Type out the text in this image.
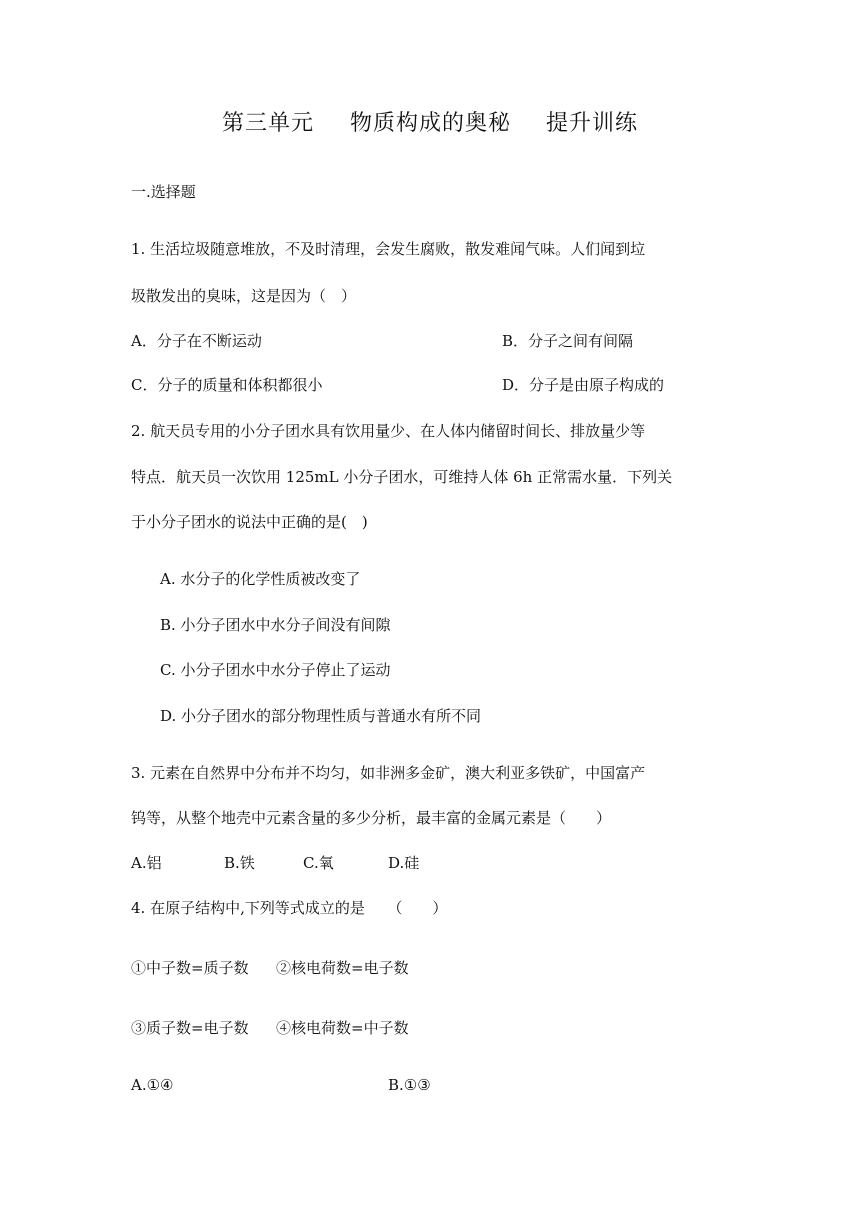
第三单元 物质构成的奥秘 提升训练
一.选择题
1. 生活垃圾随意堆放，不及时清理，会发生腐败，散发难闻气味。人们闻到垃
圾散发出的臭味，这是因为（　）
A．分子在不断运动	B．分子之间有间隔
C．分子的质量和体积都很小	D．分子是由原子构成的
2. 航天员专用的小分子团水具有饮用量少、在人体内储留时间长、排放量少等
特点．航天员一次饮用 125mL 小分子团水，可维持人体 6h 正常需水量．下列关
于小分子团水的说法中正确的是(　)
A. 水分子的化学性质被改变了
B. 小分子团水中水分子间没有间隙
C. 小分子团水中水分子停止了运动
D. 小分子团水的部分物理性质与普通水有所不同
3. 元素在自然界中分布并不均匀，如非洲多金矿，澳大利亚多铁矿，中国富产
钨等，从整个地壳中元素含量的多少分析，最丰富的金属元素是（　　）
A.铝	B.铁	C.氧	D.硅
4. 在原子结构中,下列等式成立的是　　（　　）
①中子数=质子数 ②核电荷数=电子数
③质子数=电子数 ④核电荷数=中子数
A.①④	B.①③
